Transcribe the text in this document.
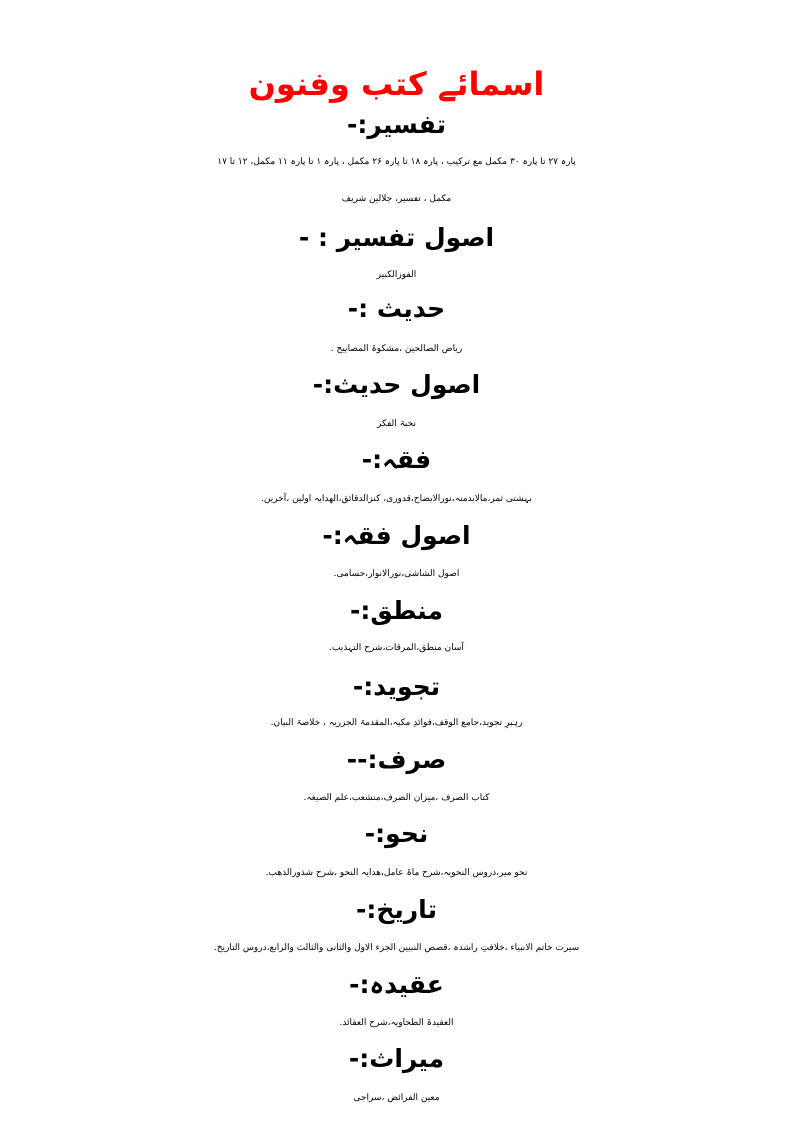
اسمائے کتب وفنون
تفسیر:-

پارہ ۲۷ تا پارہ ۳۰ مکمل مع ترکیب ، پارہ ۱۸ تا پارہ ۲۶ مکمل ، پارہ ۱ تا پارہ ۱۱ مکمل، ۱۲ تا ۱۷

مکمل ، تفسیر، جلالین شریف

اصول تفسیر : -

الفوزالکبیر

حدیث :-

ریاض الصالحین ،مشکوۃ المصابیح .

اصول حدیث:-

نخبۃ الفکر

فقہ:-

بہشتی ثمر،مالابدمنہ،نورالایضاح،قدوری، کنزالدقائق،الھدایہ اولین ،آخرین.

اصول فقہ:-

اصول الشاشی،نورالانوار،حسامی.

منطق:-

آسان منطق،المرقات،شرح التہذیب.

تجوید:-

رہبرِ تجوید،جامع الوقف،فوائدِ مکیہ،المقدمۃ الجزریہ ، خلاصۃ البیان.

صرف:--

کتاب الصرف ،میزان الصرف،منشعب،علم الصیغہ.

نحو:-

نحو میر،دروس النحویہ،شرح ماۃ عامل،ھدایہ النحو ،شرح شذورالذھب.

تاریخ:-

سیرت خاتم الانبیاء ،خلافتِ راشدہ ،قصص النبیین الجزء الاول والثانی والثالث والرابع،دروس التاریخ.

عقیدہ:-

العقیدۃ الطحاویہ،شرح العقائد.

میراث:-

معین الفرائض ،سراجی
